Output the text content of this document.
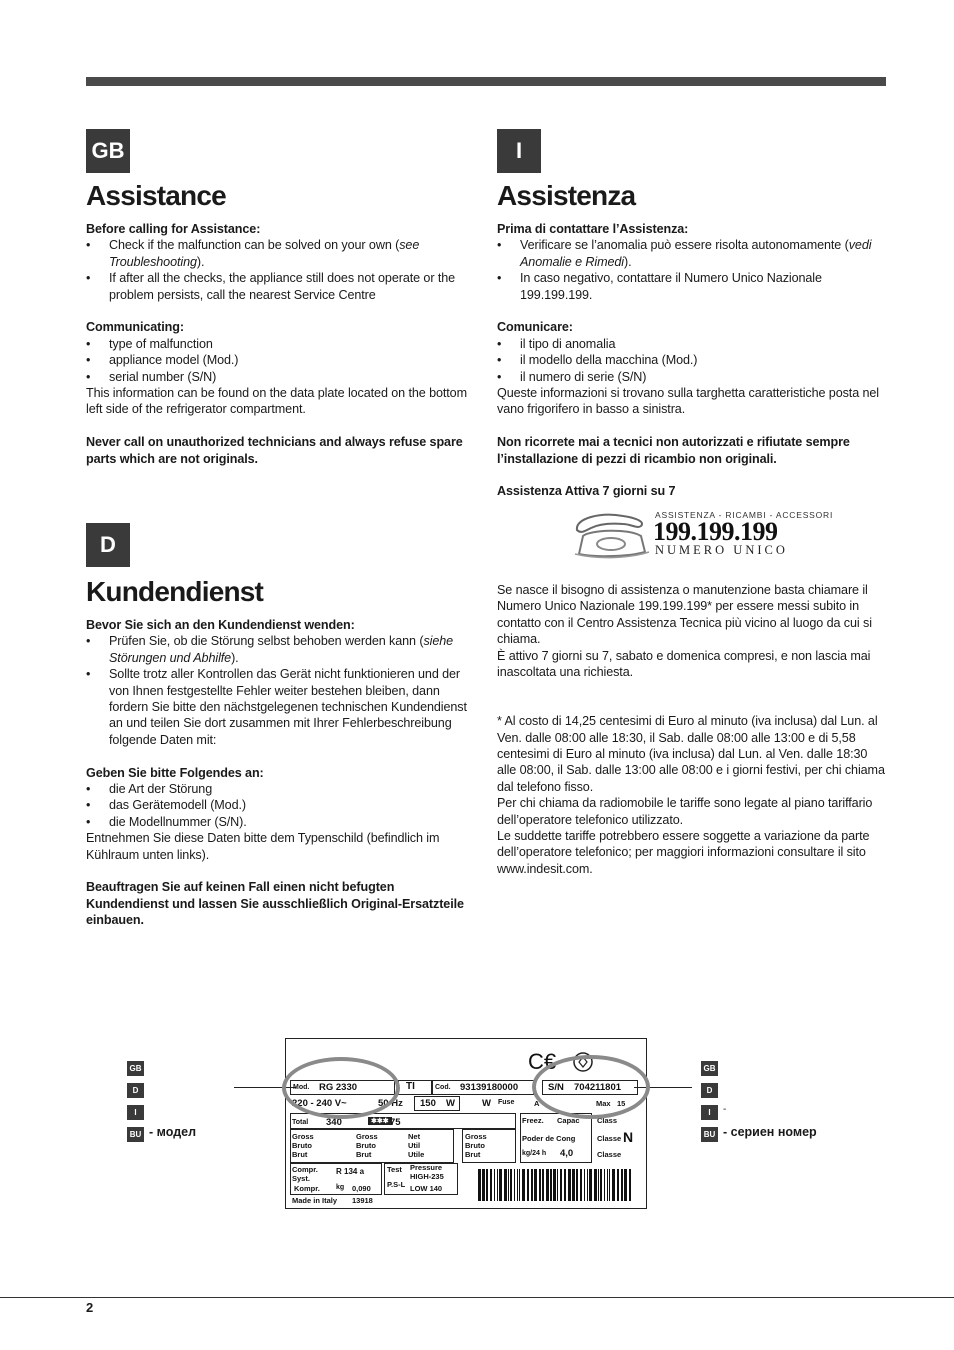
GB
Assistance
Before calling for Assistance:
• Check if the malfunction can be solved on your own (see Troubleshooting).
• If after all the checks, the appliance still does not operate or the problem persists, call the nearest Service Centre
Communicating:
• type of malfunction
• appliance model (Mod.)
• serial number (S/N)
This information can be found on the data plate located on the bottom left side of the refrigerator compartment.
Never call on unauthorized technicians and always refuse spare parts which are not originals.
D
Kundendienst
Bevor Sie sich an den Kundendienst wenden:
• Prüfen Sie, ob die Störung selbst behoben werden kann (siehe Störungen und Abhilfe).
• Sollte trotz aller Kontrollen das Gerät nicht funktionieren und der von Ihnen festgestellte Fehler weiter bestehen bleiben, dann fordern Sie bitte den nächstgelegenen technischen Kundendienst an und teilen Sie dort zusammen mit Ihrer Fehlerbeschreibung folgende Daten mit:
Geben Sie bitte Folgendes an:
• die Art der Störung
• das Gerätemodell (Mod.)
• die Modellnummer (S/N).
Entnehmen Sie diese Daten bitte dem Typenschild (befindlich im Kühlraum unten links).
Beauftragen Sie auf keinen Fall einen nicht befugten Kundendienst und lassen Sie ausschließlich Original-Ersatzteile einbauen.
I
Assistenza
Prima di contattare l’Assistenza:
• Verificare se l’anomalia può essere risolta autonomamente (vedi Anomalie e Rimedi).
• In caso negativo, contattare il Numero Unico Nazionale 199.199.199.
Comunicare:
• il tipo di anomalia
• il modello della macchina (Mod.)
• il numero di serie (S/N)
Queste informazioni si trovano sulla targhetta caratteristiche posta nel vano frigorifero in basso a sinistra.
Non ricorrete mai a tecnici non autorizzati e rifiutate sempre l’installazione di pezzi di ricambio non originali.
Assistenza Attiva 7 giorni su 7
ASSISTENZA - RICAMBI - ACCESSORI
199.199.199
NUMERO UNICO
Se nasce il bisogno di assistenza o manutenzione basta chiamare il Numero Unico Nazionale 199.199.199* per essere messi subito in contatto con il Centro Assistenza Tecnica più vicino al luogo da cui si chiama.
È attivo 7 giorni su 7, sabato e domenica compresi, e non lascia mai inascoltata una richiesta.
* Al costo di 14,25 centesimi di Euro al minuto (iva inclusa) dal Lun. al Ven. dalle 08:00 alle 18:30, il Sab. dalle 08:00 alle 13:00 e di 5,58 centesimi di Euro al minuto (iva inclusa) dal Lun. al Ven. dalle 18:30 alle 08:00, il Sab. dalle 13:00 alle 08:00 e i giorni festivi, per chi chiama dal telefono fisso.
Per chi chiama da radiomobile le tariffe sono legate al piano tariffario dell’operatore telefonico utilizzato.
Le suddette tariffe potrebbero essere soggette a variazione da parte dell’operatore telefonico; per maggiori informazioni consultare il sito www.indesit.com.
GB
D
I
BU - модел
GB
D
I	-
BU - сериен номер
C€
Mod. RG 2330	TI	Cod. 93139180000	S/N 704211801
220 - 240 V~	50 Hz 150 W	W Fuse	A	Max 15
Total 340	✱✱✱ 75
Gross
Bruto
Brut
Gross
Bruto
Brut
Net
Util
Utile
Gross
Bruto
Brut
Freez. Capac
Poder de Cong
kg/24 h 4,0
Class
Classe N
Classe
Compr.
Syst.
R 134 a
Kompr. kg 0,090
Test
P.S-L
Pressure
HIGH-235
LOW 140
Made in Italy 13918
2
